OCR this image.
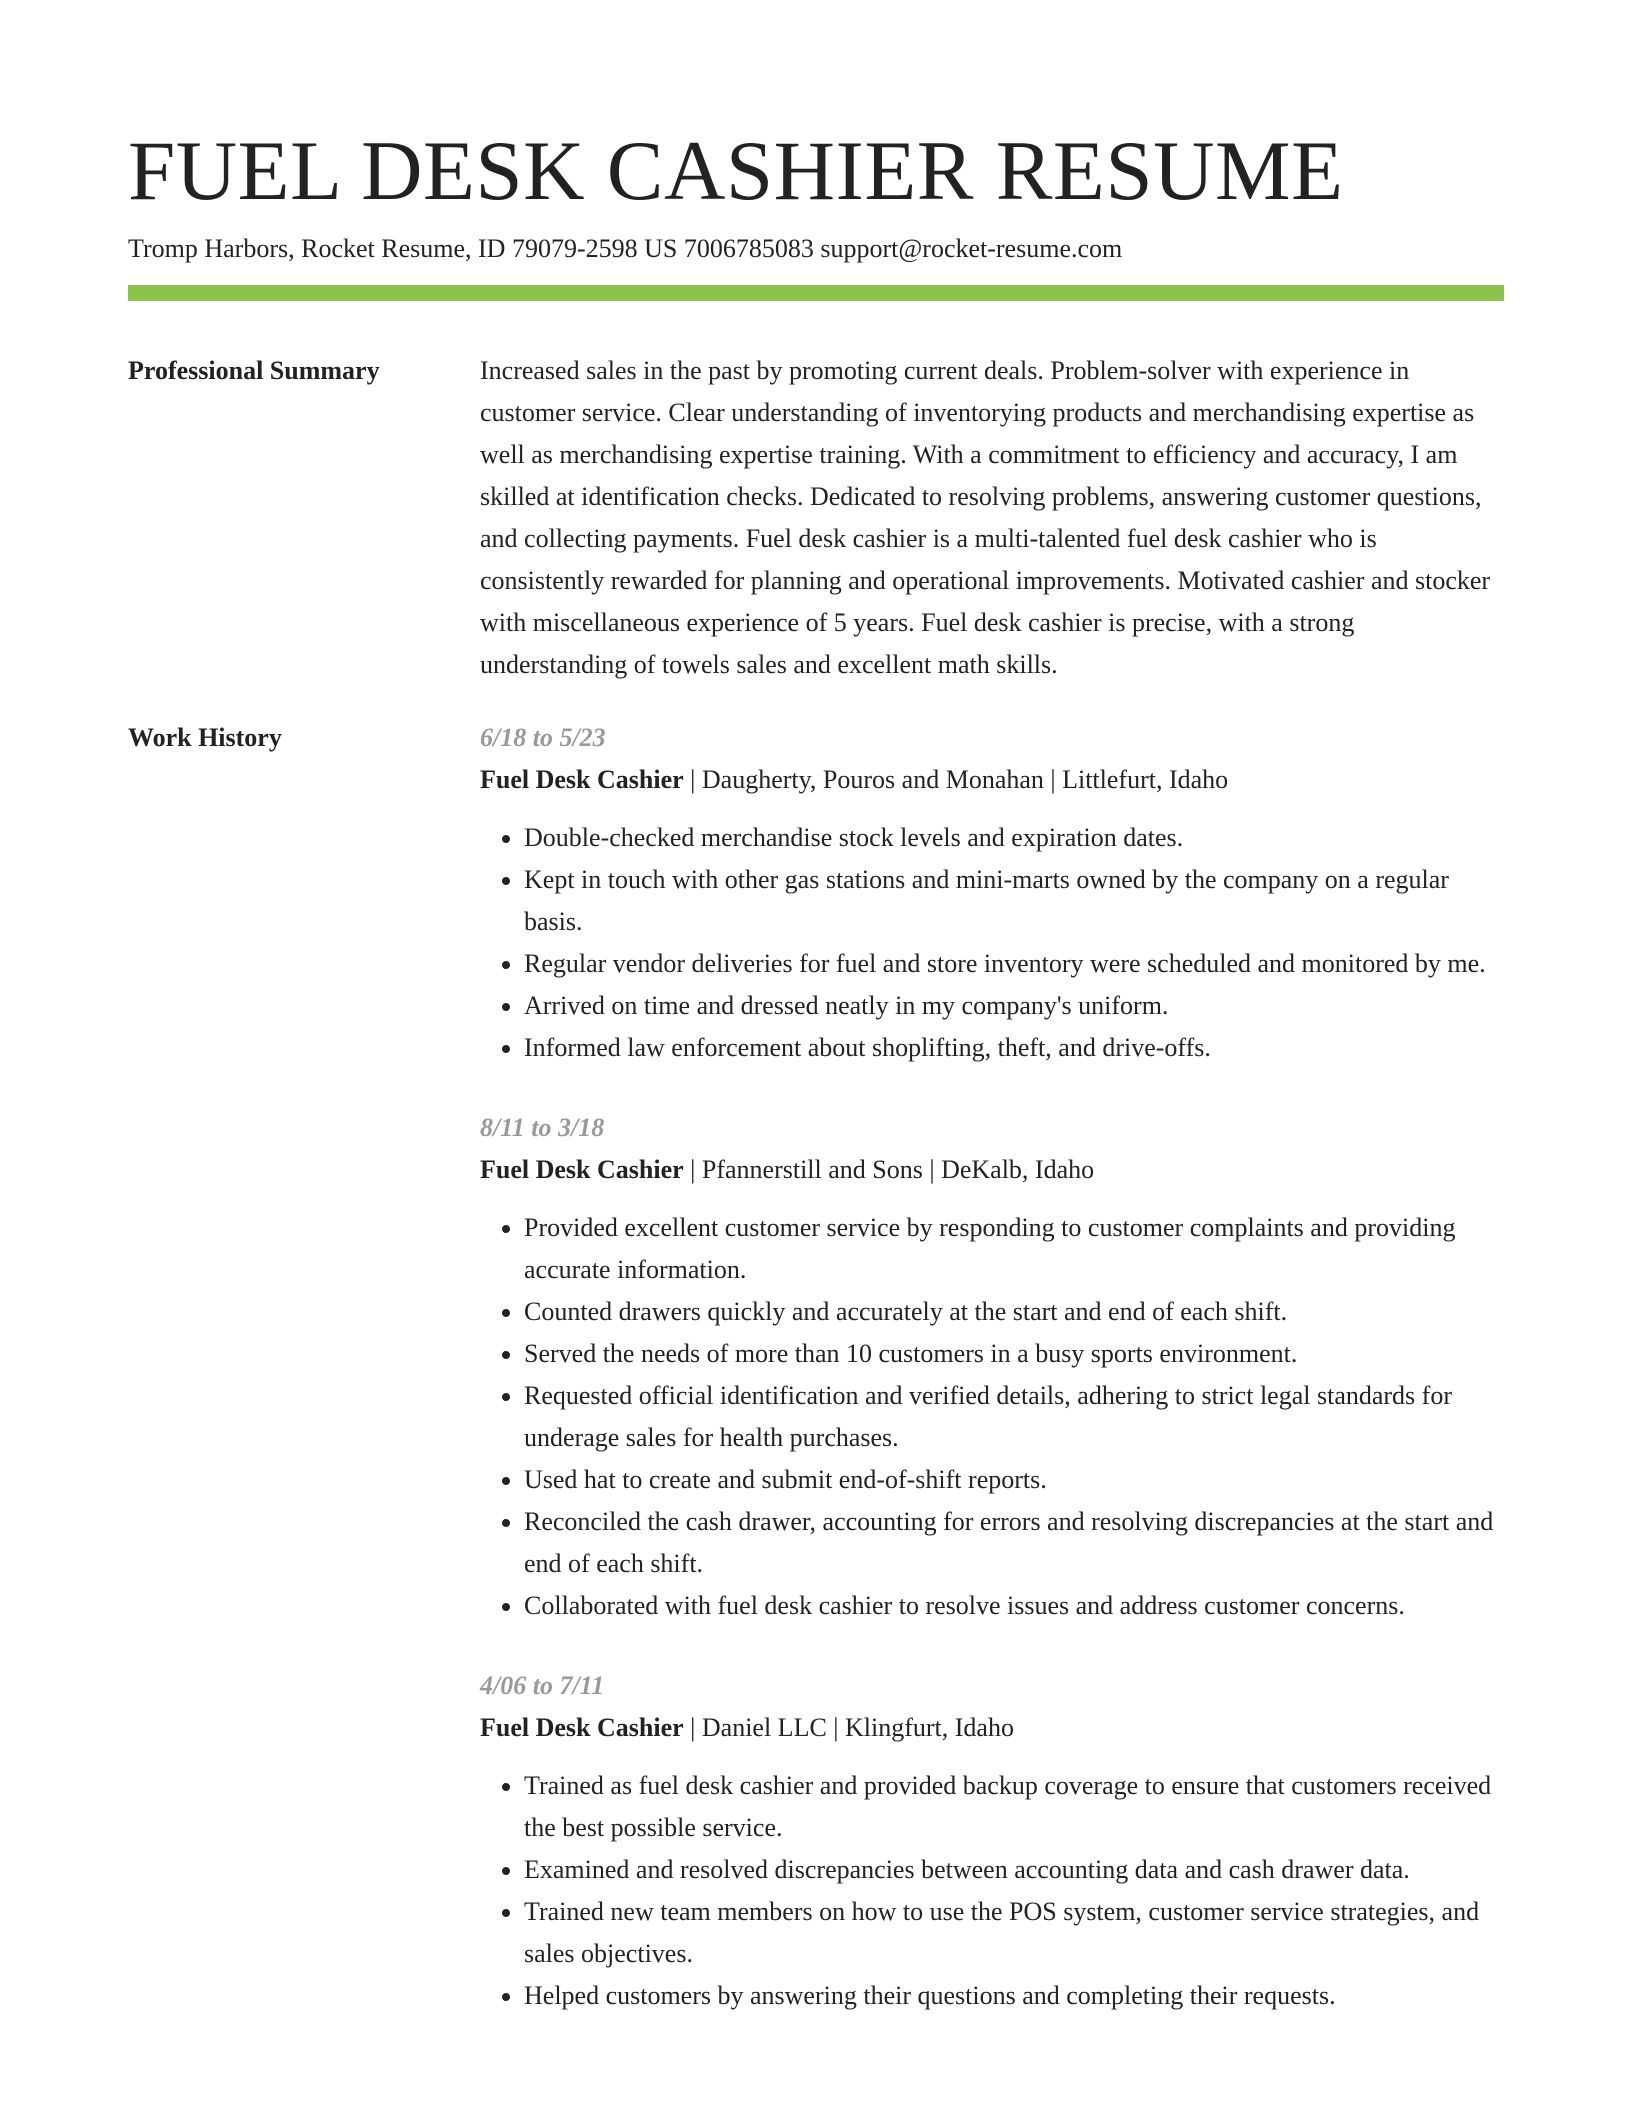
FUEL DESK CASHIER RESUME
Tromp Harbors, Rocket Resume, ID 79079-2598 US 7006785083 support@rocket-resume.com
Professional Summary	Increased sales in the past by promoting current deals. Problem-solver with experience in customer service. Clear understanding of inventorying products and merchandising expertise as well as merchandising expertise training. With a commitment to efficiency and accuracy, I am skilled at identification checks. Dedicated to resolving problems, answering customer questions, and collecting payments. Fuel desk cashier is a multi-talented fuel desk cashier who is consistently rewarded for planning and operational improvements. Motivated cashier and stocker with miscellaneous experience of 5 years. Fuel desk cashier is precise, with a strong understanding of towels sales and excellent math skills.

Work History	6/18 to 5/23

Fuel Desk Cashier | Daugherty, Pouros and Monahan | Littlefurt, Idaho

• Double-checked merchandise stock levels and expiration dates.
• Kept in touch with other gas stations and mini-marts owned by the company on a regular basis.
• Regular vendor deliveries for fuel and store inventory were scheduled and monitored by me.
• Arrived on time and dressed neatly in my company's uniform.
• Informed law enforcement about shoplifting, theft, and drive-offs.

8/11 to 3/18

Fuel Desk Cashier | Pfannerstill and Sons | DeKalb, Idaho

• Provided excellent customer service by responding to customer complaints and providing accurate information.
• Counted drawers quickly and accurately at the start and end of each shift.
• Served the needs of more than 10 customers in a busy sports environment.
• Requested official identification and verified details, adhering to strict legal standards for underage sales for health purchases.
• Used hat to create and submit end-of-shift reports.
• Reconciled the cash drawer, accounting for errors and resolving discrepancies at the start and end of each shift.
• Collaborated with fuel desk cashier to resolve issues and address customer concerns.

4/06 to 7/11

Fuel Desk Cashier | Daniel LLC | Klingfurt, Idaho

• Trained as fuel desk cashier and provided backup coverage to ensure that customers received the best possible service.
• Examined and resolved discrepancies between accounting data and cash drawer data.
• Trained new team members on how to use the POS system, customer service strategies, and sales objectives.
• Helped customers by answering their questions and completing their requests.
